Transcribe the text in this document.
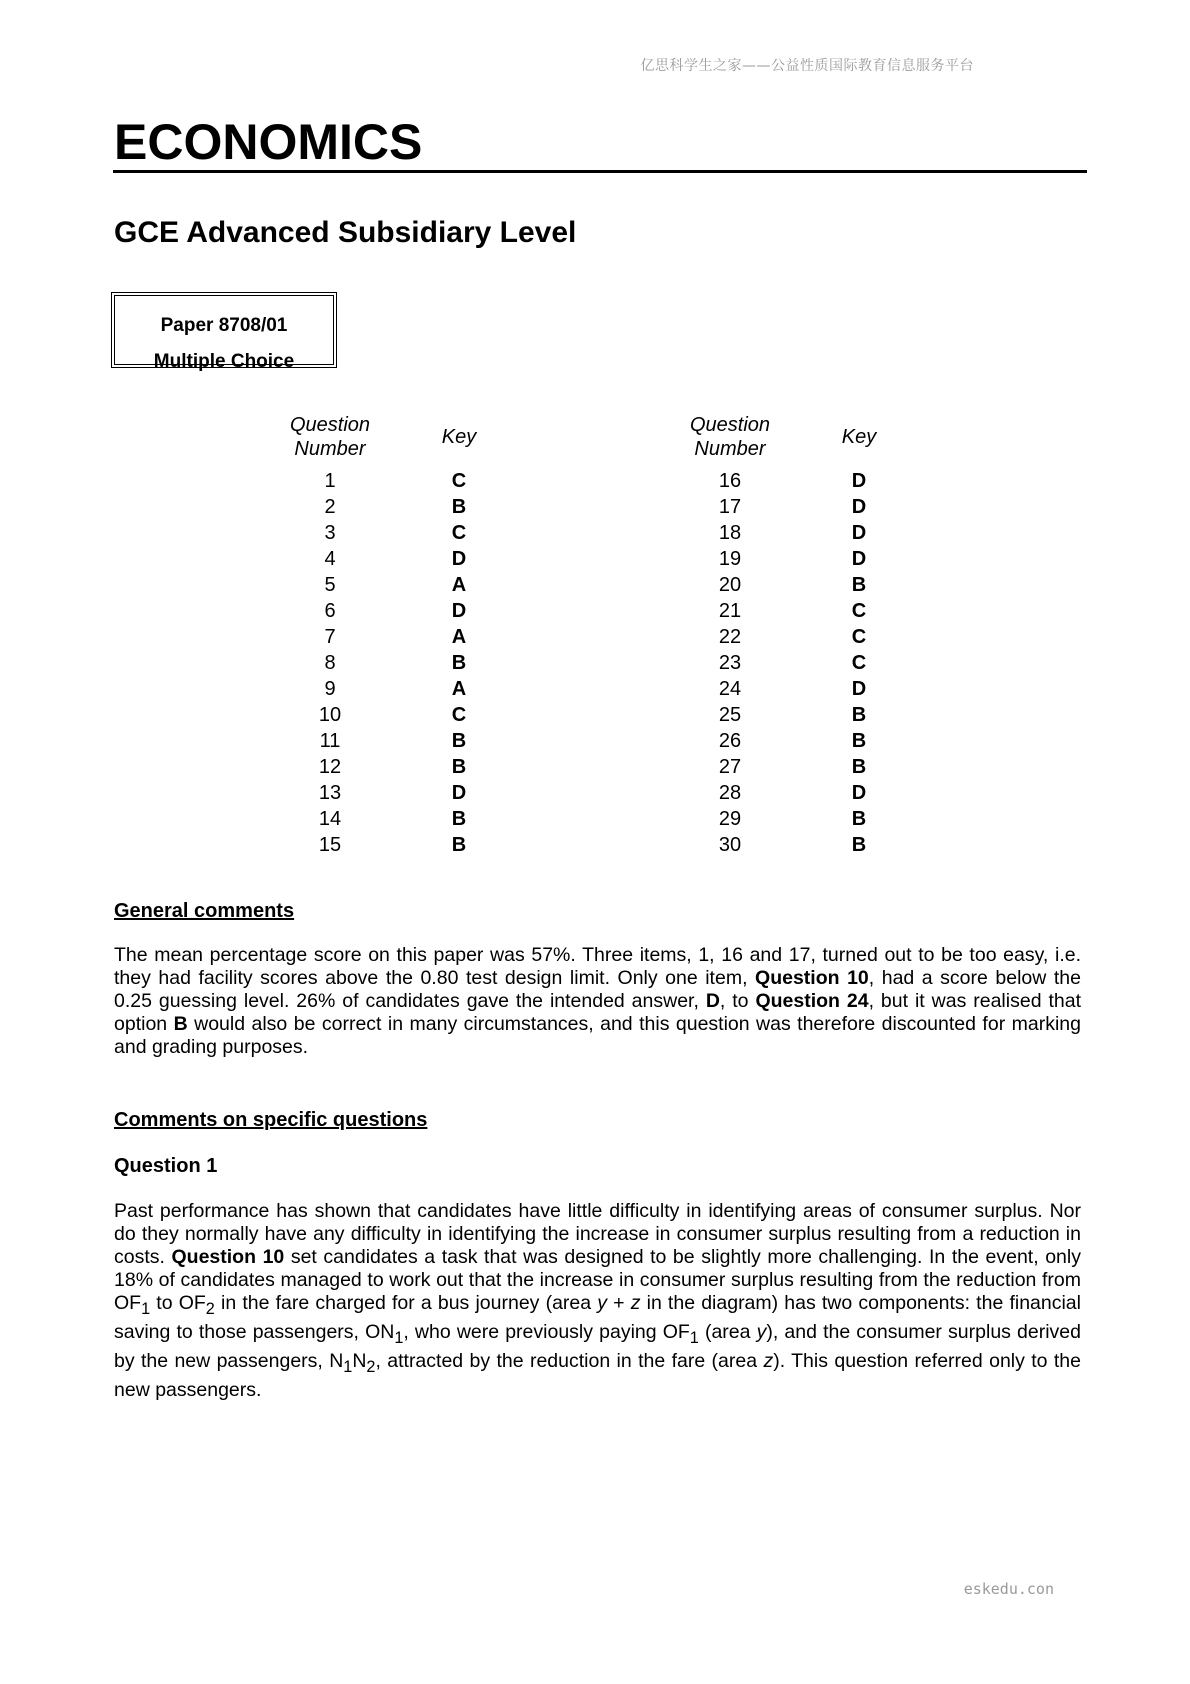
亿思科学生之家——公益性质国际教育信息服务平台
ECONOMICS
GCE Advanced Subsidiary Level
Paper 8708/01
Multiple Choice
Question
Number
1
2
3
4
5
6
7
8
9
10
11
12
13
14
15
Key
C
B
C
D
A
D
A
B
A
C
B
B
D
B
B
Question
Number
16
17
18
19
20
21
22
23
24
25
26
27
28
29
30
Key
D
D
D
D
B
C
C
C
D
B
B
B
D
B
B
General comments

The mean percentage score on this paper was 57%. Three items, 1, 16 and 17, turned out to be too easy, i.e. they had facility scores above the 0.80 test design limit. Only one item, Question 10, had a score below the 0.25 guessing level. 26% of candidates gave the intended answer, D, to Question 24, but it was realised that option B would also be correct in many circumstances, and this question was therefore discounted for marking and grading purposes.

Comments on specific questions
Question 1

Past performance has shown that candidates have little difficulty in identifying areas of consumer surplus. Nor do they normally have any difficulty in identifying the increase in consumer surplus resulting from a reduction in costs. Question 10 set candidates a task that was designed to be slightly more challenging. In the event, only 18% of candidates managed to work out that the increase in consumer surplus resulting from the reduction from $OF_1$ to $OF_2$ in the fare charged for a bus journey (area y + z in the diagram) has two components: the financial saving to those passengers, $ON_1$, who were previously paying $OF_1$ (area y), and the consumer surplus derived by the new passengers, $N_1N_2$, attracted by the reduction in the fare (area z). This question referred only to the new passengers.

eskedu.con
